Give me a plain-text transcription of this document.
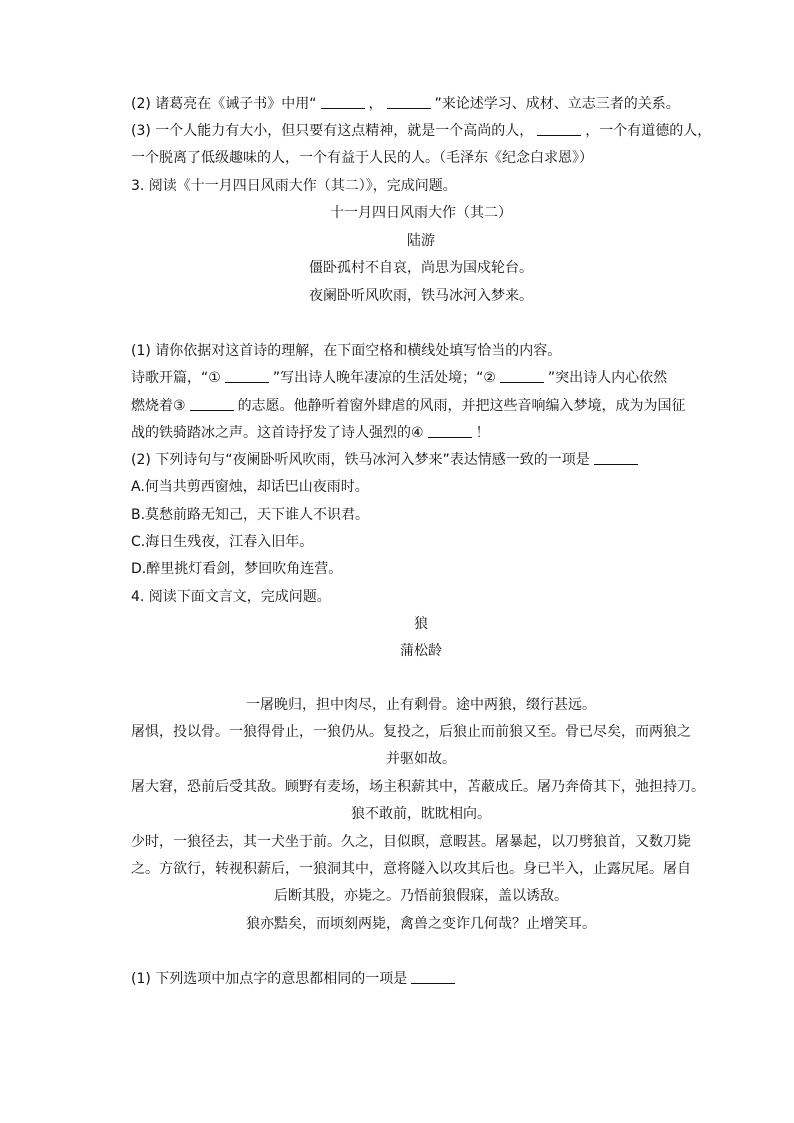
(2) 诸葛亮在《诫子书》中用“	，	”来论述学习、成材、立志三者的关系。
(3) 一个人能力有大小，但只要有这点精神，就是一个高尚的人，	，一个有道德的人，
一个脱离了低级趣味的人，一个有益于人民的人。（毛泽东《纪念白求恩》）
3. 阅读《十一月四日风雨大作（其二）》，完成问题。
十一月四日风雨大作（其二）
陆游
僵卧孤村不自哀，尚思为国戍轮台。
夜阑卧听风吹雨，铁马冰河入梦来。
(1) 请你依据对这首诗的理解，在下面空格和横线处填写恰当的内容。
诗歌开篇，“①	”写出诗人晚年凄凉的生活处境；“②	”突出诗人内心依然
燃烧着③	的志愿。他静听着窗外肆虐的风雨，并把这些音响编入梦境，成为为国征
战的铁骑踏冰之声。这首诗抒发了诗人强烈的④	！
(2) 下列诗句与“夜阑卧听风吹雨，铁马冰河入梦来”表达情感一致的一项是
A.何当共剪西窗烛，却话巴山夜雨时。
B.莫愁前路无知己，天下谁人不识君。
C.海日生残夜，江春入旧年。
D.醉里挑灯看剑，梦回吹角连营。
4. 阅读下面文言文，完成问题。
狼
蒲松龄
一屠晚归，担中肉尽，止有剩骨。途中两狼，缀行甚远。
屠惧，投以骨。一狼得骨止，一狼仍从。复投之，后狼止而前狼又至。骨已尽矣，而两狼之
并驱如故。
屠大窘，恐前后受其敌。顾野有麦场，场主积薪其中，苫蔽成丘。屠乃奔倚其下，弛担持刀。
狼不敢前，眈眈相向。
少时，一狼径去，其一犬坐于前。久之，目似瞑，意暇甚。屠暴起，以刀劈狼首，又数刀毙
之。方欲行，转视积薪后，一狼洞其中，意将隧入以攻其后也。身已半入，止露尻尾。屠自
后断其股，亦毙之。乃悟前狼假寐，盖以诱敌。
狼亦黠矣，而顷刻两毙，禽兽之变诈几何哉？止增笑耳。
(1) 下列选项中加点字的意思都相同的一项是
